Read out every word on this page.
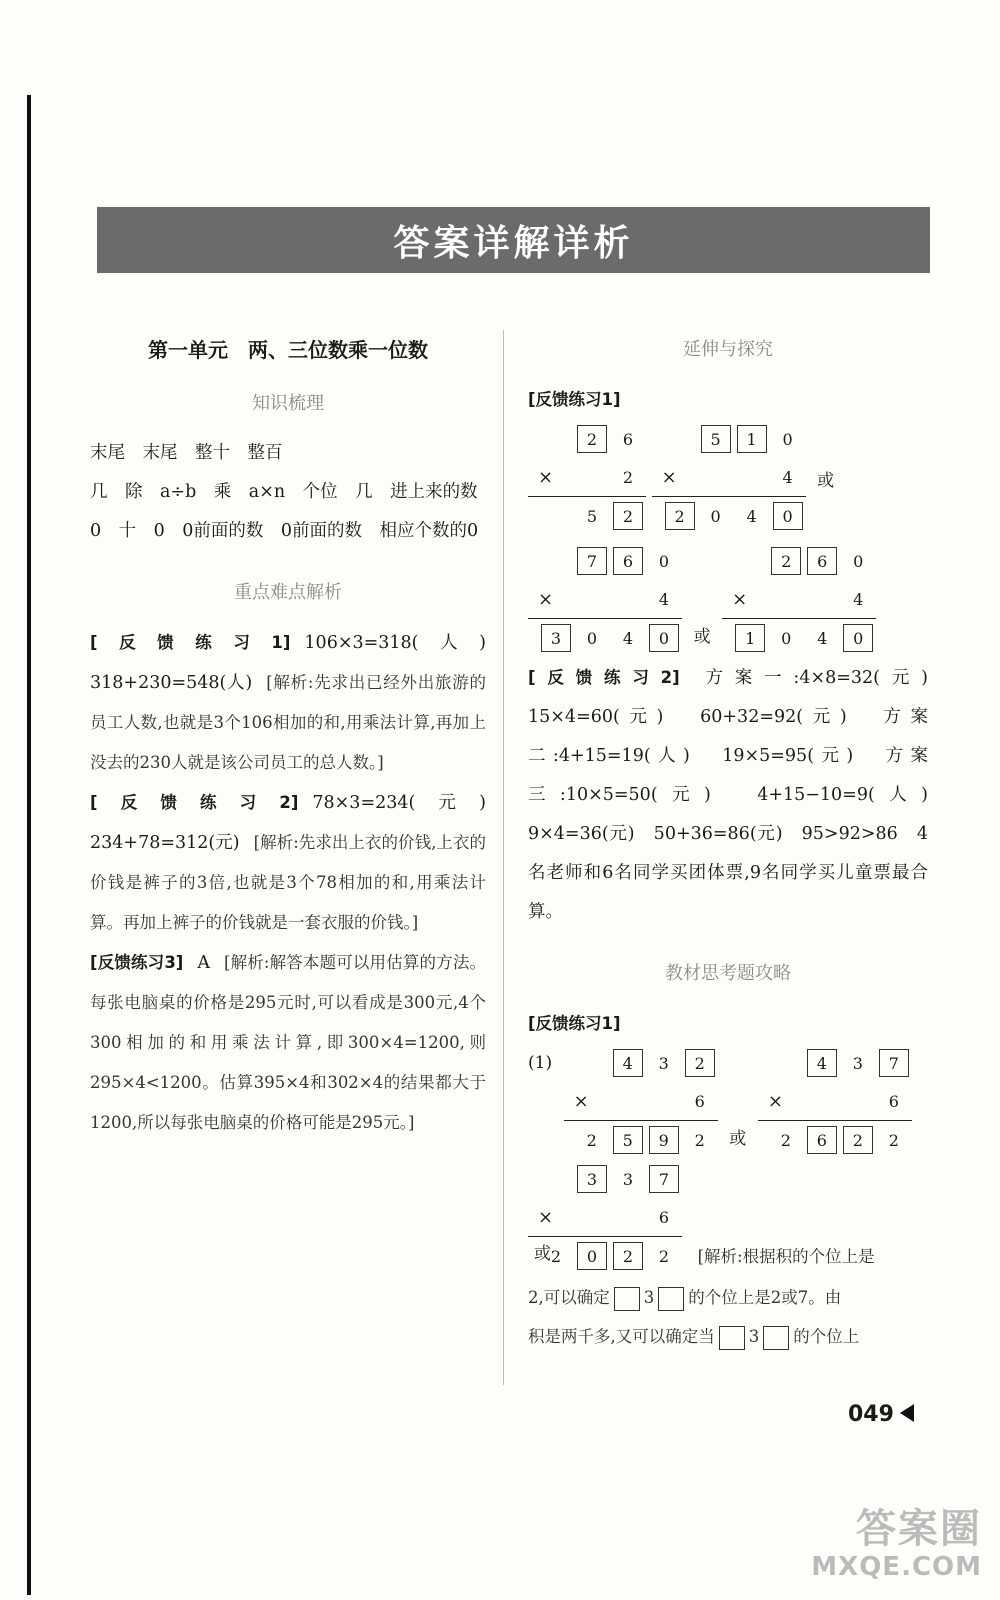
答案详解详析
第一单元　两、三位数乘一位数
知识梳理

末尾　末尾　整十　整百

几　除　a÷b　乘　a×n　个位　几　进上来的数

0　十　0　0前面的数　0前面的数　相应个数的0

重点难点解析

[反馈练习1] 106×3=318(人)　318+230=548(人) [解析:先求出已经外出旅游的员工人数,也就是3个106相加的和,用乘法计算,再加上没去的230人就是该公司员工的总人数。]

[反馈练习2] 78×3=234(元)　234+78=312(元) [解析:先求出上衣的价钱,上衣的价钱是裤子的3倍,也就是3个78相加的和,用乘法计算。再加上裤子的价钱就是一套衣服的价钱。]

[反馈练习3] A [解析:解答本题可以用估算的方法。每张电脑桌的价格是295元时,可以看成是300元,4个300相加的和用乘法计算,即300×4=1200,则295×4<1200。估算395×4和302×4的结果都大于1200,所以每张电脑桌的价格可能是295元。]

延伸与探究

[反馈练习1]

2	6
2
×
5	2

5	1	0
4
×
2	0	4	0
或
7	6	0
4
×
3	0	4	0	或
2	6	0
4
×
1	0	4	0

[反馈练习2] 方案一:4×8=32(元)　15×4=60(元)　60+32=92(元)　方案二:4+15=19(人)　19×5=95(元)　方案三:10×5=50(元)　4+15−10=9(人)　9×4=36(元)　50+36=86(元)　95>92>86　4名老师和6名同学买团体票,9名同学买儿童票最合算。

教材思考题攻略

[反馈练习1]

(1)	4	3	2
6
×
2	5	9	2	或
4	3	7
6
×
2	6	2	2
或
3	3	7
6
×
2	0	2	2	[解析:根据积的个位上是

2,可以确定 3 的个位上是2或7。由

积是两千多,又可以确定当 3 的个位上

049
答案圈
MXQE.COM
